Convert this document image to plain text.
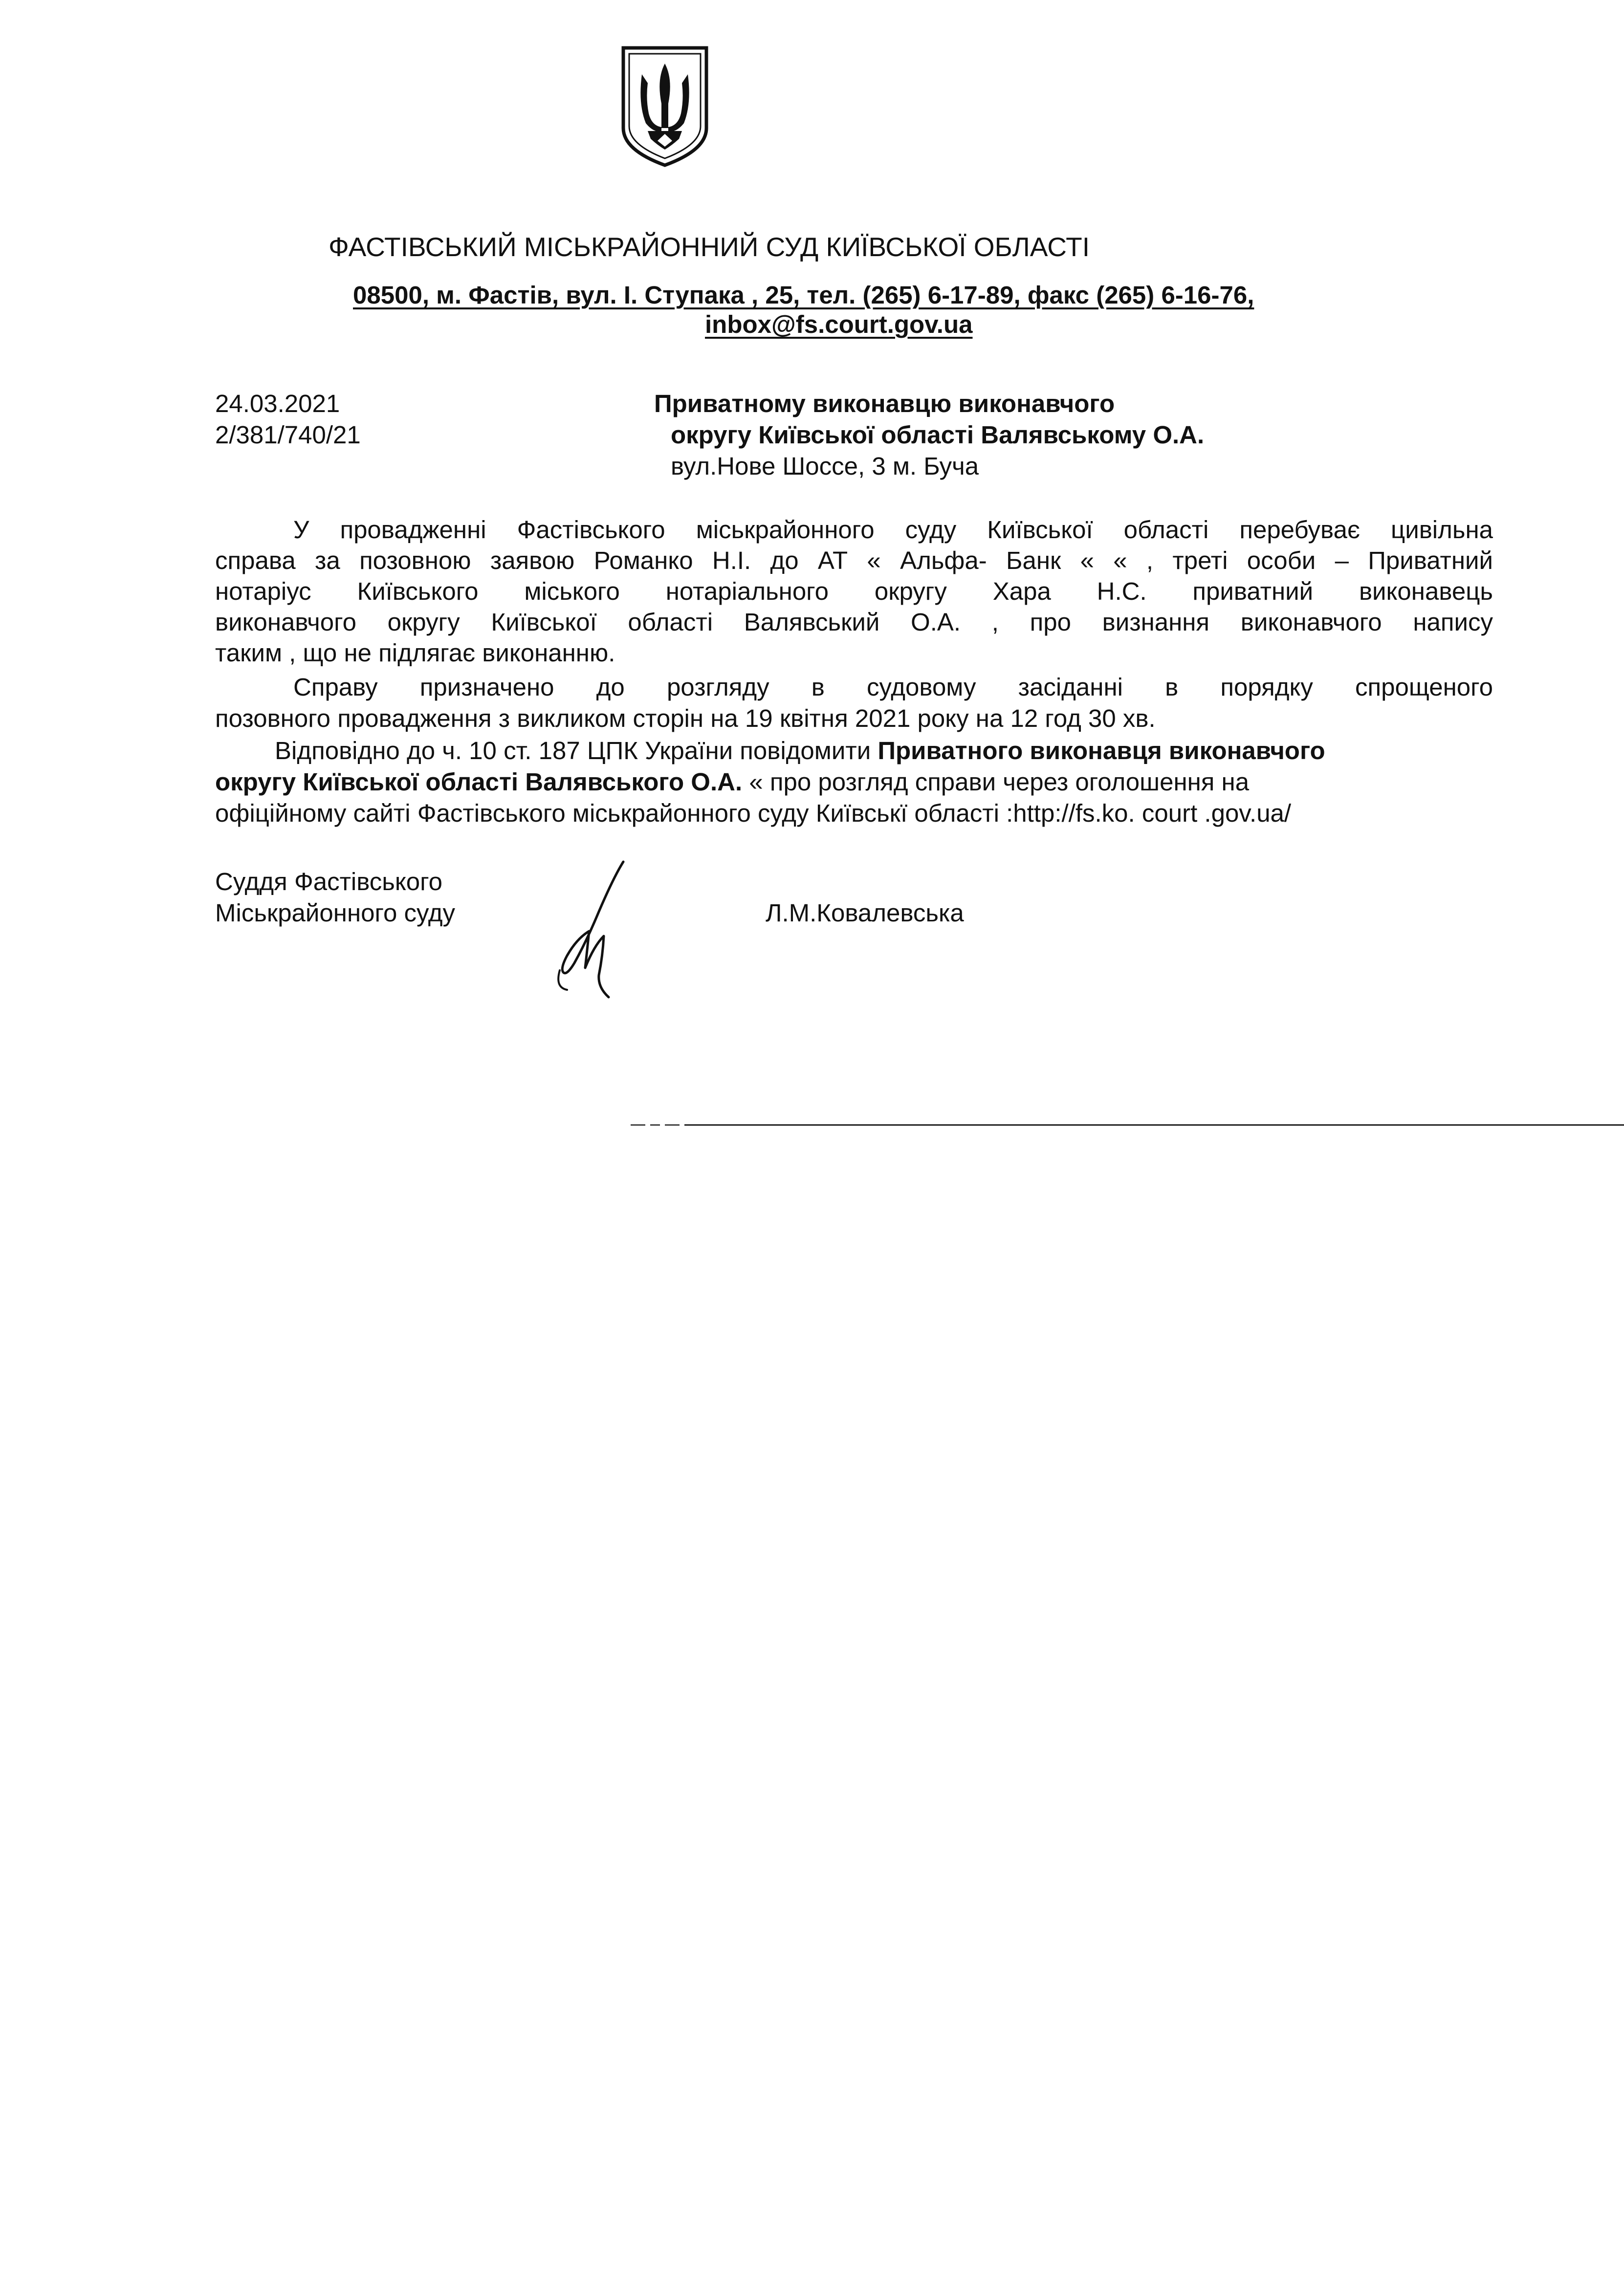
ФАСТІВСЬКИЙ МІСЬКРАЙОННИЙ СУД КИЇВСЬКОЇ ОБЛАСТІ
08500, м. Фастів, вул. І. Ступака , 25, тел. (265) 6-17-89, факс (265) 6-16-76,
inbox@fs.court.gov.ua
24.03.2021
2/381/740/21
Приватному виконавцю виконавчого
округу Київської області Валявському О.А.
вул.Нове Шоссе, 3 м. Буча
У провадженні Фастівського міськрайонного суду Київської області перебуває цивільна
справа за позовною заявою Романко Н.І. до АТ « Альфа- Банк « « , треті особи – Приватний
нотаріус Київського міського нотаріального округу Хара Н.С. приватний виконавець
виконавчого округу Київської області Валявський О.А. , про визнання виконавчого напису
таким , що не підлягає виконанню.
Справу призначено до розгляду в судовому засіданні в порядку спрощеного
позовного провадження з викликом сторін на 19 квітня 2021 року на 12 год 30 хв.
Відповідно до ч. 10 ст. 187 ЦПК України повідомити Приватного виконавця виконавчого
округу Київської області Валявського О.А. « про розгляд справи через оголошення на
офіційному сайті Фастівського міськрайонного суду Київськї області :http://fs.ko. court .gov.ua/
Суддя Фастівського
Міськрайонного суду	Л.М.Ковалевська
